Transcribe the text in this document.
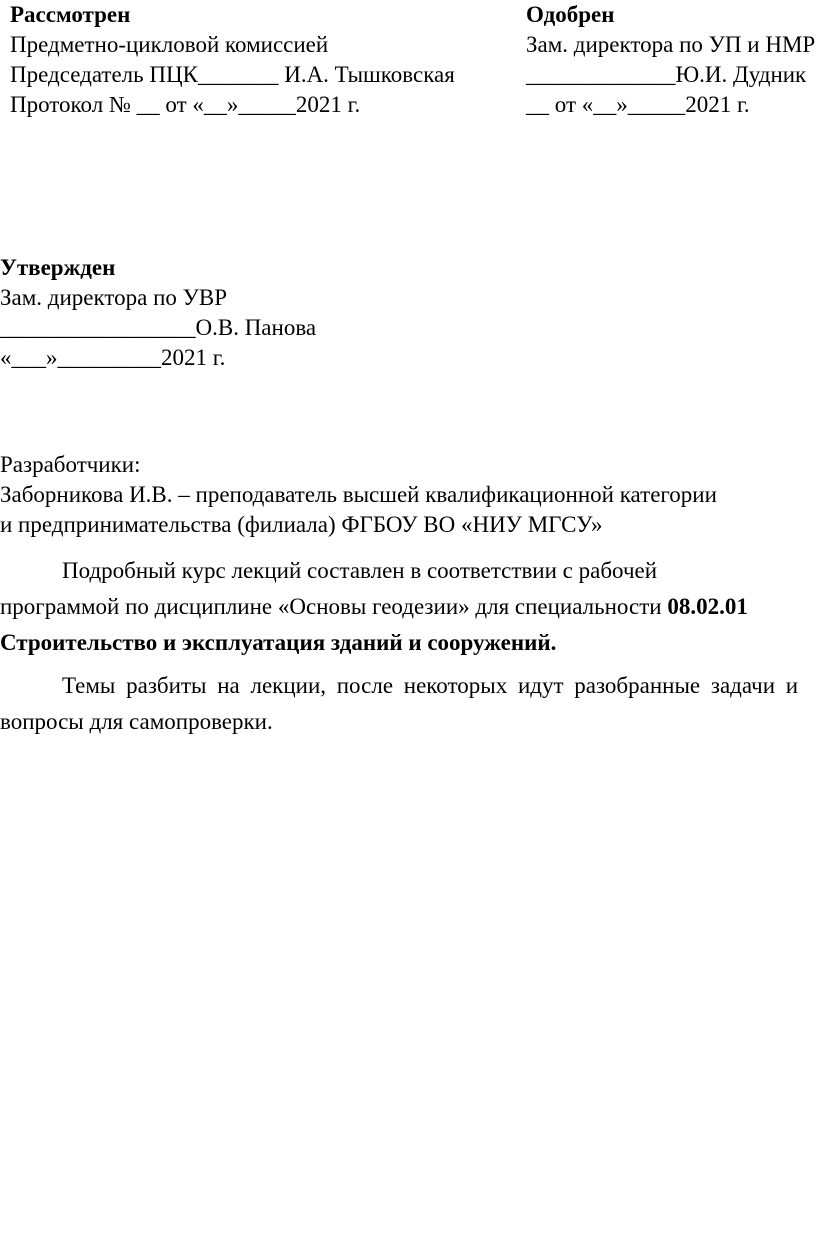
Рассмотрен
Предметно-цикловой комиссией
Председатель ПЦК_______ И.А. Тышковская
Протокол № __ от «__»_____2021 г.
Одобрен
Зам. директора по УП и НМР
_____________Ю.И. Дудник
__ от «__»_____2021 г.
Утвержден
Зам. директора по УВР
_________________О.В. Панова
«___»_________2021 г.
Разработчики:
Заборникова И.В. – преподаватель высшей квалификационной категории
и предпринимательства (филиала) ФГБОУ ВО «НИУ МГСУ»
Подробный курс лекций составлен в соответствии с рабочей
программой по дисциплине «Основы геодезии» для специальности 08.02.01
Строительство и эксплуатация зданий и сооружений.
Темы разбиты на лекции, после некоторых идут разобранные задачи и
вопросы для самопроверки.
